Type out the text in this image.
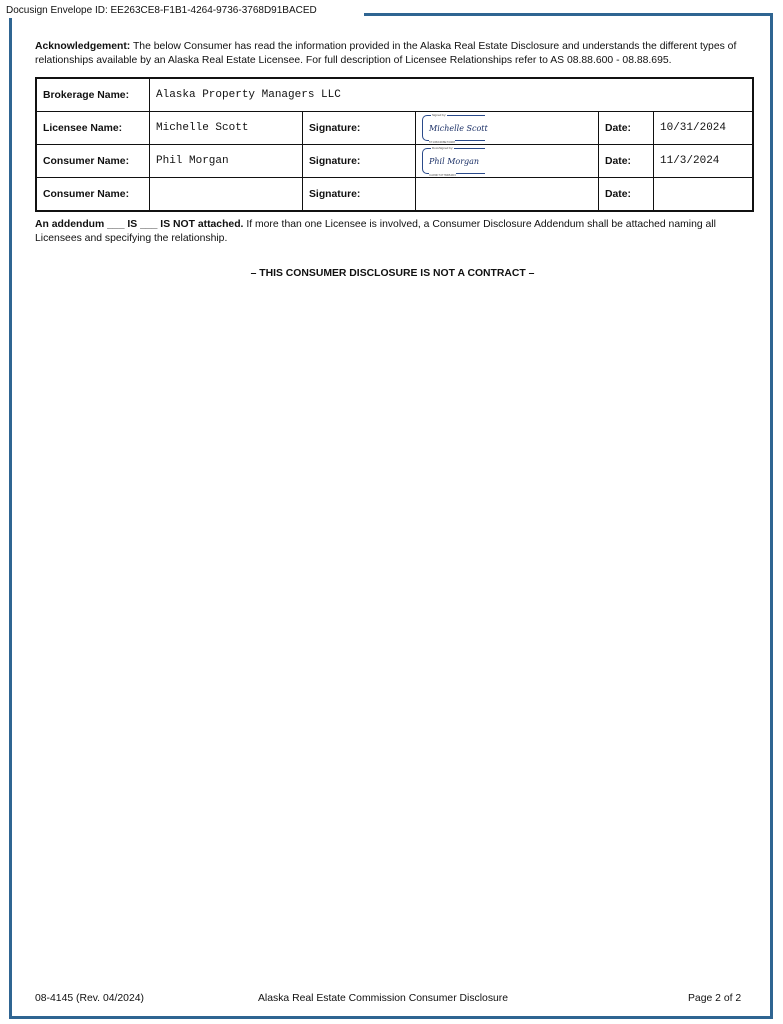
Docusign Envelope ID: EE263CE8-F1B1-4264-9736-3768D91BACED

Acknowledgement: The below Consumer has read the information provided in the Alaska Real Estate Disclosure and understands the different types of relationships available by an Alaska Real Estate Licensee. For full description of Licensee Relationships refer to AS 08.88.600 - 08.88.695.

Brokerage Name:	Alaska Property Managers LLC				
Licensee Name:	Michelle Scott	Signature:	Signed by:
Michelle Scott
5713604D8E73408	Date:	10/31/2024
Consumer Name:	Phil Morgan	Signature:	DocuSigned by:
Phil Morgan
CA80F747784B4D3	Date:	11/3/2024
Consumer Name:		Signature:		Date:	
An addendum ___ IS ___ IS NOT attached. If more than one Licensee is involved, a Consumer Disclosure Addendum shall be attached naming all Licensees and specifying the relationship.
– THIS CONSUMER DISCLOSURE IS NOT A CONTRACT –
08-4145 (Rev. 04/2024)	Alaska Real Estate Commission Consumer Disclosure	Page 2 of 2
